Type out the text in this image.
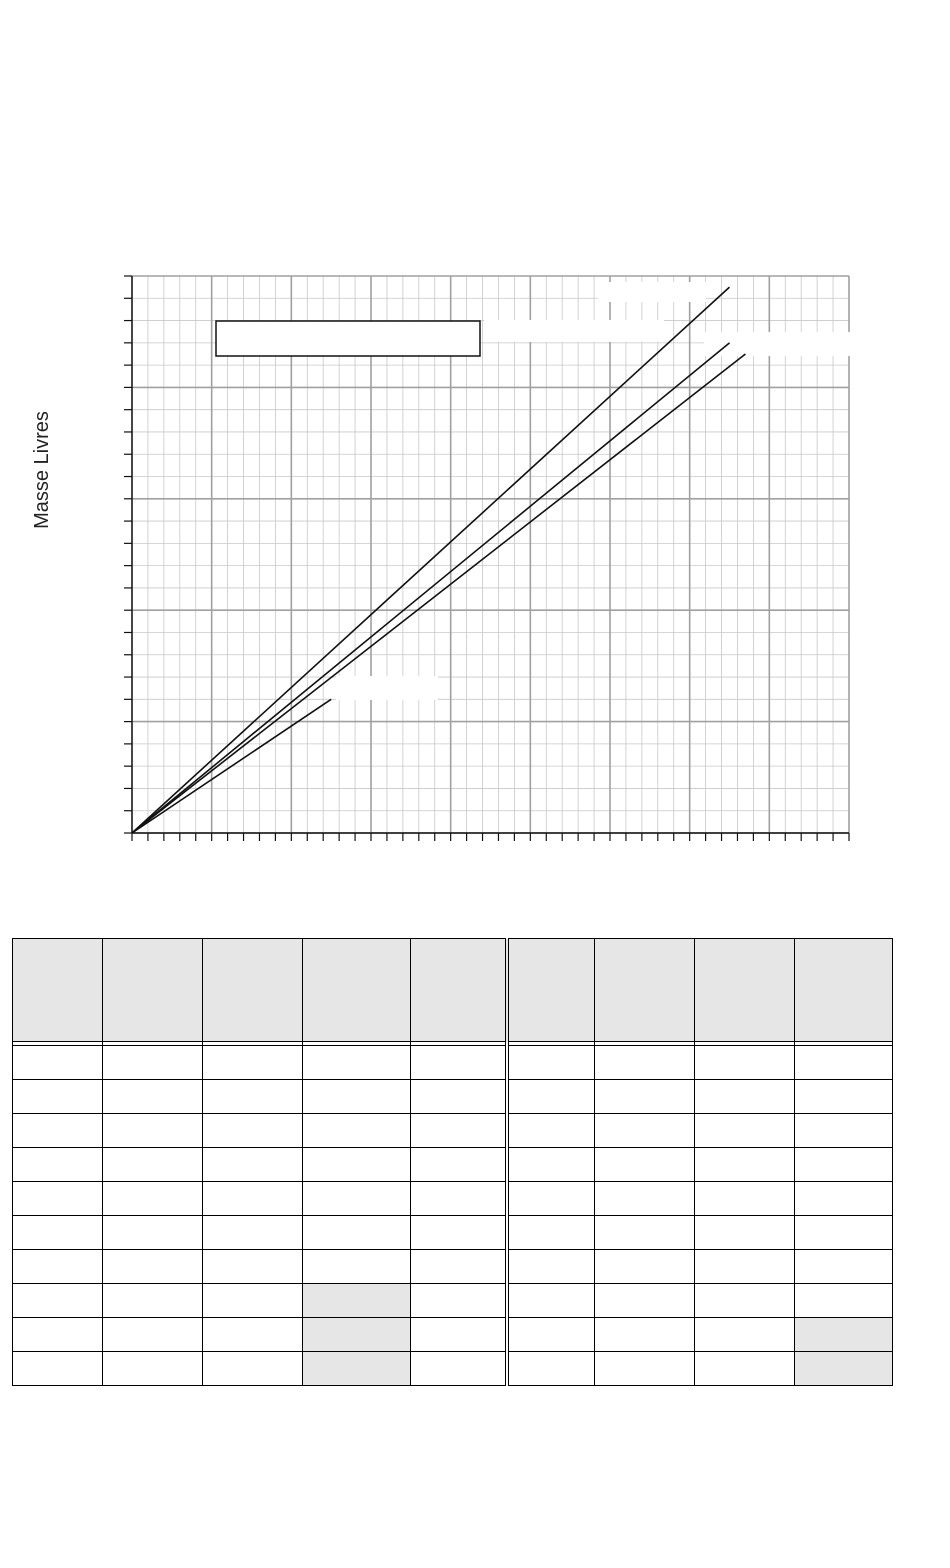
Masse Livres
